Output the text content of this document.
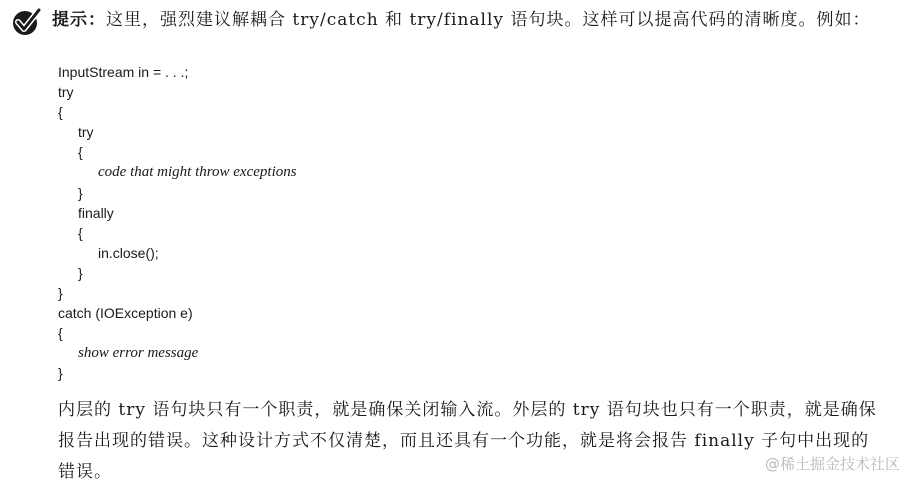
提示：这里，强烈建议解耦合 try/catch 和 try/finally 语句块。这样可以提高代码的清晰度。例如：
InputStream in = . . .;
try
{
try
{
code that might throw exceptions
}
finally
{
in.close();
}
}
catch (IOException e)
{
show error message
}
内层的 try 语句块只有一个职责，就是确保关闭输入流。外层的 try 语句块也只有一个职责，就是确保报告出现的错误。这种设计方式不仅清楚，而且还具有一个功能，就是将会报告 finally 子句中出现的错误。	@稀土掘金技术社区
